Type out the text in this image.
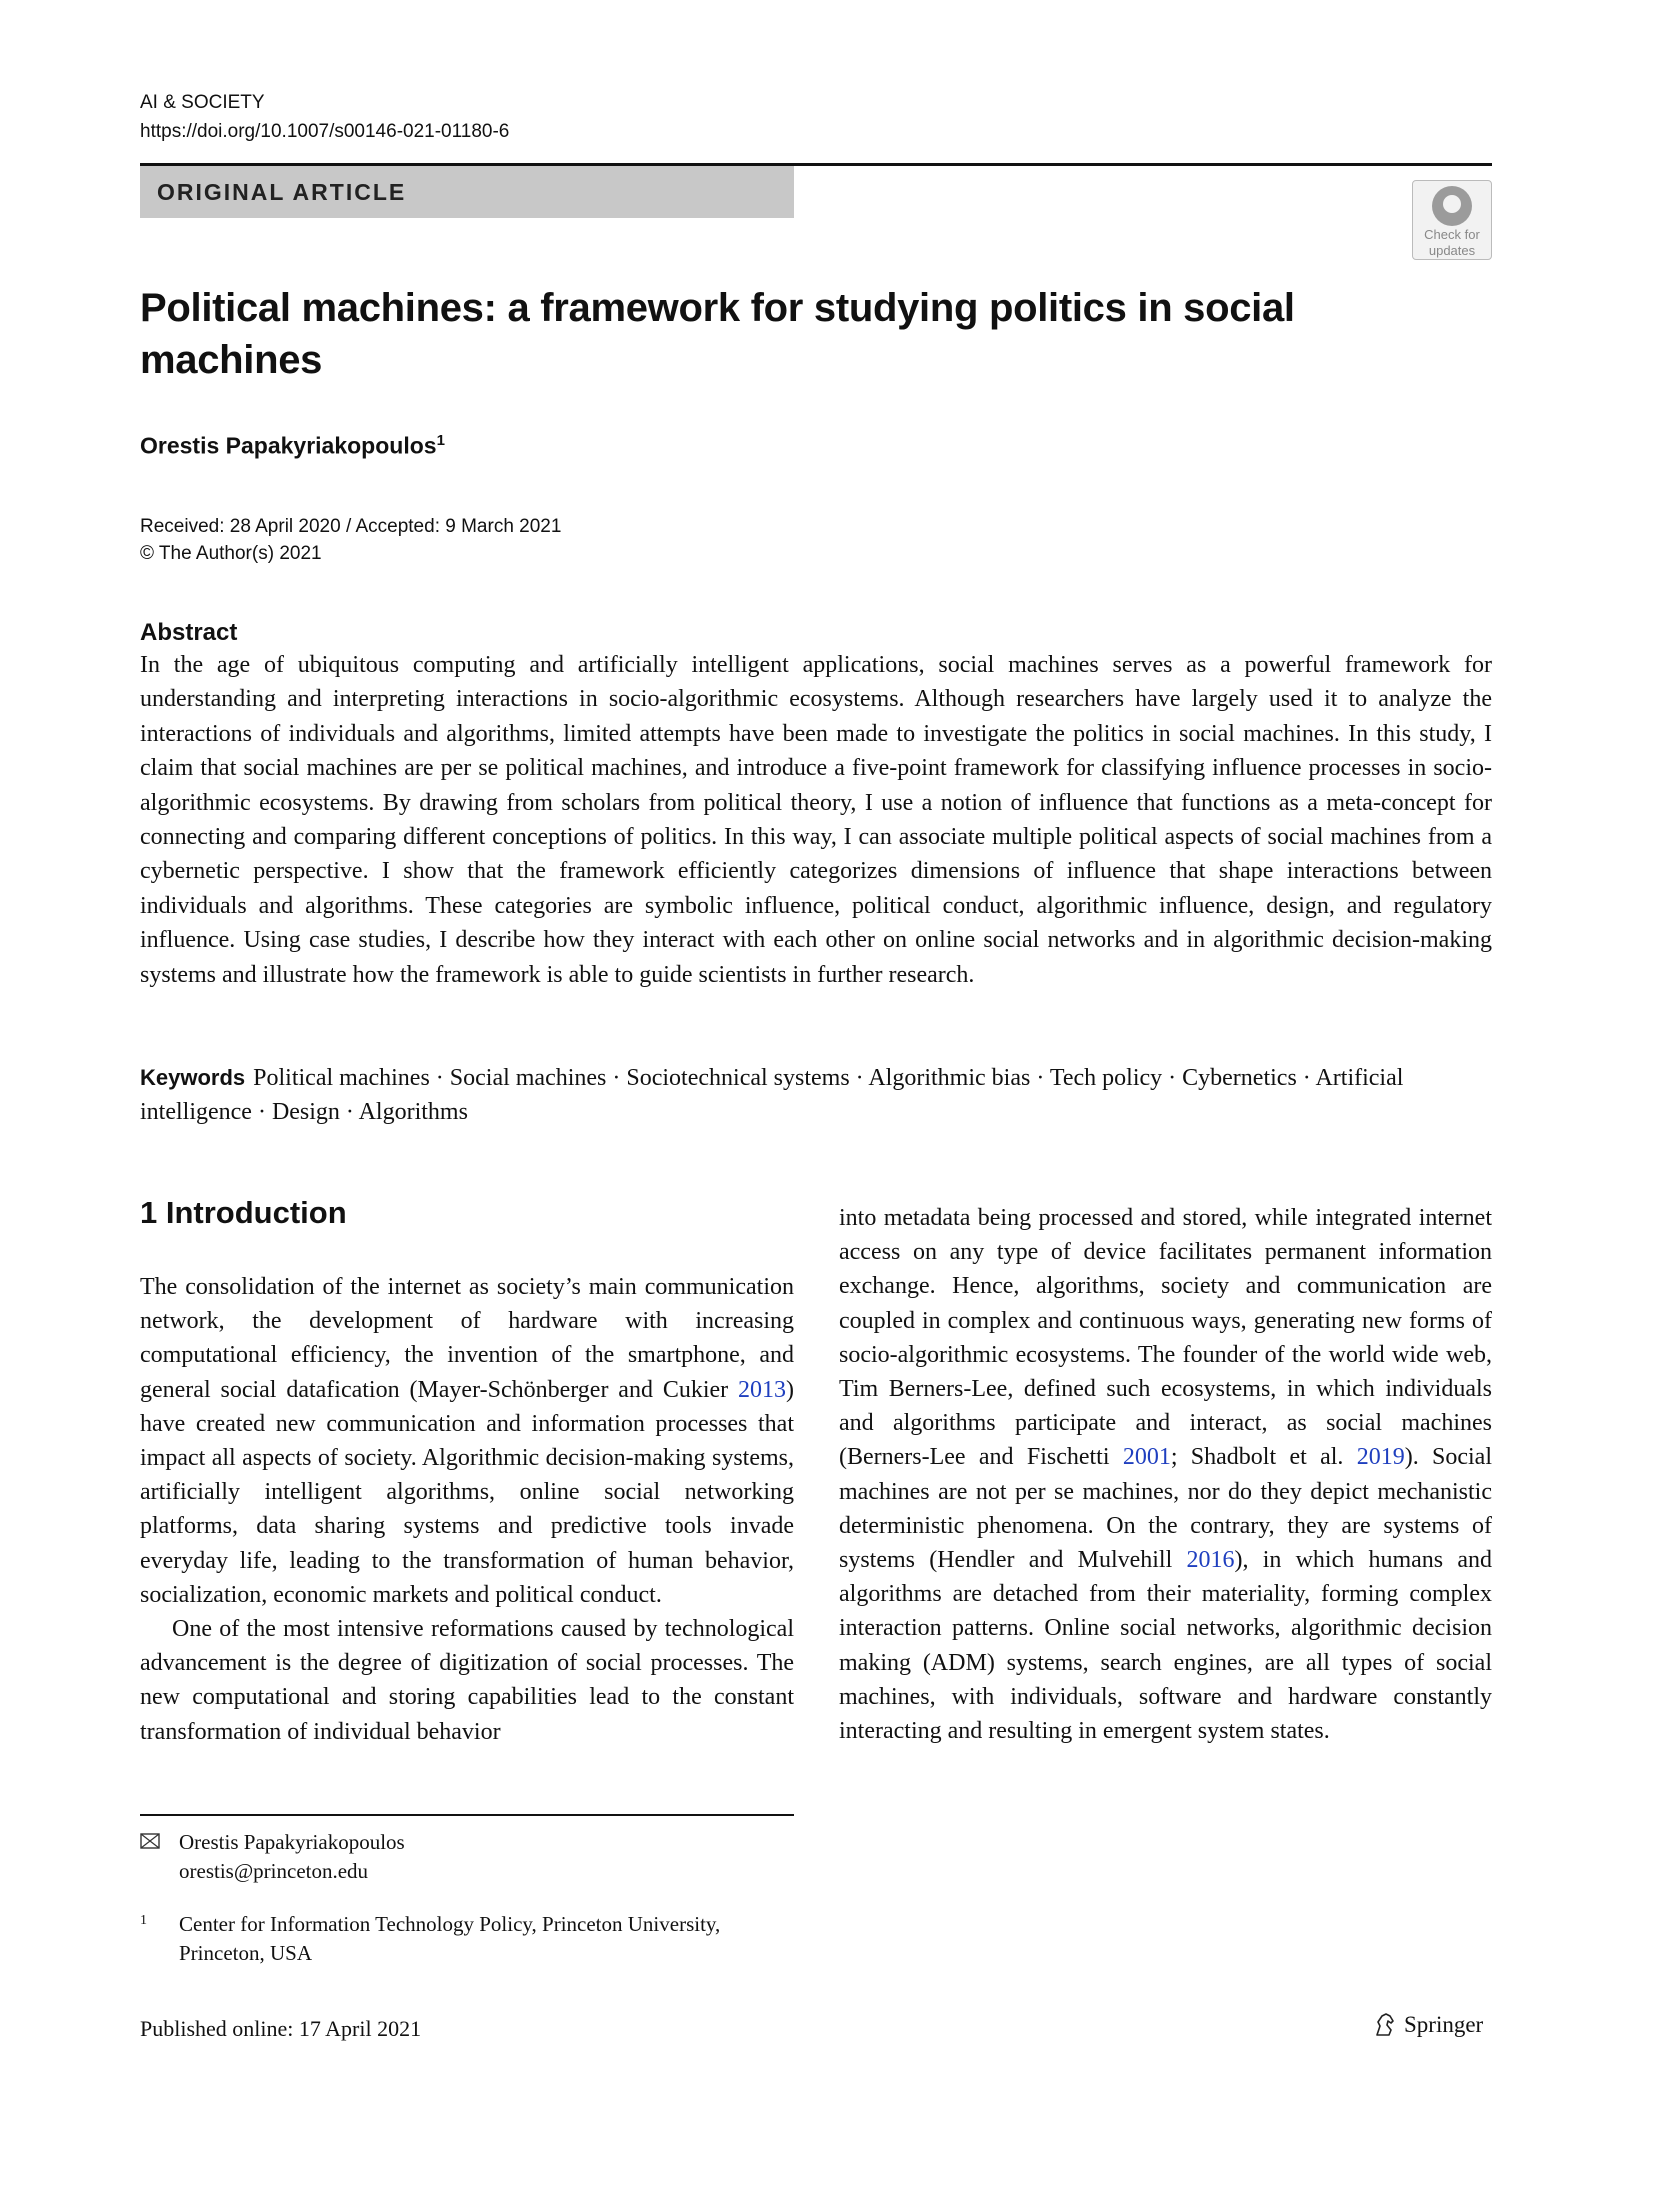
AI & SOCIETY
https://doi.org/10.1007/s00146-021-01180-6
ORIGINAL ARTICLE
Check for
updates
Political machines: a framework for studying politics in social
machines
Orestis Papakyriakopoulos$^1$
Received: 28 April 2020 / Accepted: 9 March 2021
© The Author(s) 2021
Abstract
In the age of ubiquitous computing and artificially intelligent applications, social machines serves as a powerful framework for understanding and interpreting interactions in socio-algorithmic ecosystems. Although researchers have largely used it to analyze the interactions of individuals and algorithms, limited attempts have been made to investigate the politics in social machines. In this study, I claim that social machines are per se political machines, and introduce a five-point framework for classifying influence processes in socio-algorithmic ecosystems. By drawing from scholars from political theory, I use a notion of influence that functions as a meta-concept for connecting and comparing different conceptions of politics. In this way, I can associate multiple political aspects of social machines from a cybernetic perspective. I show that the framework efficiently categorizes dimensions of influence that shape interactions between individuals and algorithms. These categories are symbolic influence, political conduct, algorithmic influence, design, and regulatory influence. Using case studies, I describe how they interact with each other on online social networks and in algorithmic decision-making systems and illustrate how the framework is able to guide scientists in further research.
Keywords Political machines · Social machines · Sociotechnical systems · Algorithmic bias · Tech policy · Cybernetics · Artificial intelligence · Design · Algorithms
1 Introduction

The consolidation of the internet as society’s main communication network, the development of hardware with increasing computational efficiency, the invention of the smartphone, and general social datafication (Mayer-Schönberger and Cukier 2013) have created new communication and information processes that impact all aspects of society. Algorithmic decision-making systems, artificially intelligent algorithms, online social networking platforms, data sharing systems and predictive tools invade everyday life, leading to the transformation of human behavior, socialization, economic markets and political conduct.

One of the most intensive reformations caused by technological advancement is the degree of digitization of social processes. The new computational and storing capabilities lead to the constant transformation of individual behavior

into metadata being processed and stored, while integrated internet access on any type of device facilitates permanent information exchange. Hence, algorithms, society and communication are coupled in complex and continuous ways, generating new forms of socio-algorithmic ecosystems. The founder of the world wide web, Tim Berners-Lee, defined such ecosystems, in which individuals and algorithms participate and interact, as social machines (Berners-Lee and Fischetti 2001; Shadbolt et al. 2019). Social machines are not per se machines, nor do they depict mechanistic deterministic phenomena. On the contrary, they are systems of systems (Hendler and Mulvehill 2016), in which humans and algorithms are detached from their materiality, forming complex interaction patterns. Online social networks, algorithmic decision making (ADM) systems, search engines, are all types of social machines, with individuals, software and hardware constantly interacting and resulting in emergent system states.

Orestis Papakyriakopoulos
orestis@princeton.edu
1 Center for Information Technology Policy, Princeton University, Princeton, USA
Published online: 17 April 2021	Springer
